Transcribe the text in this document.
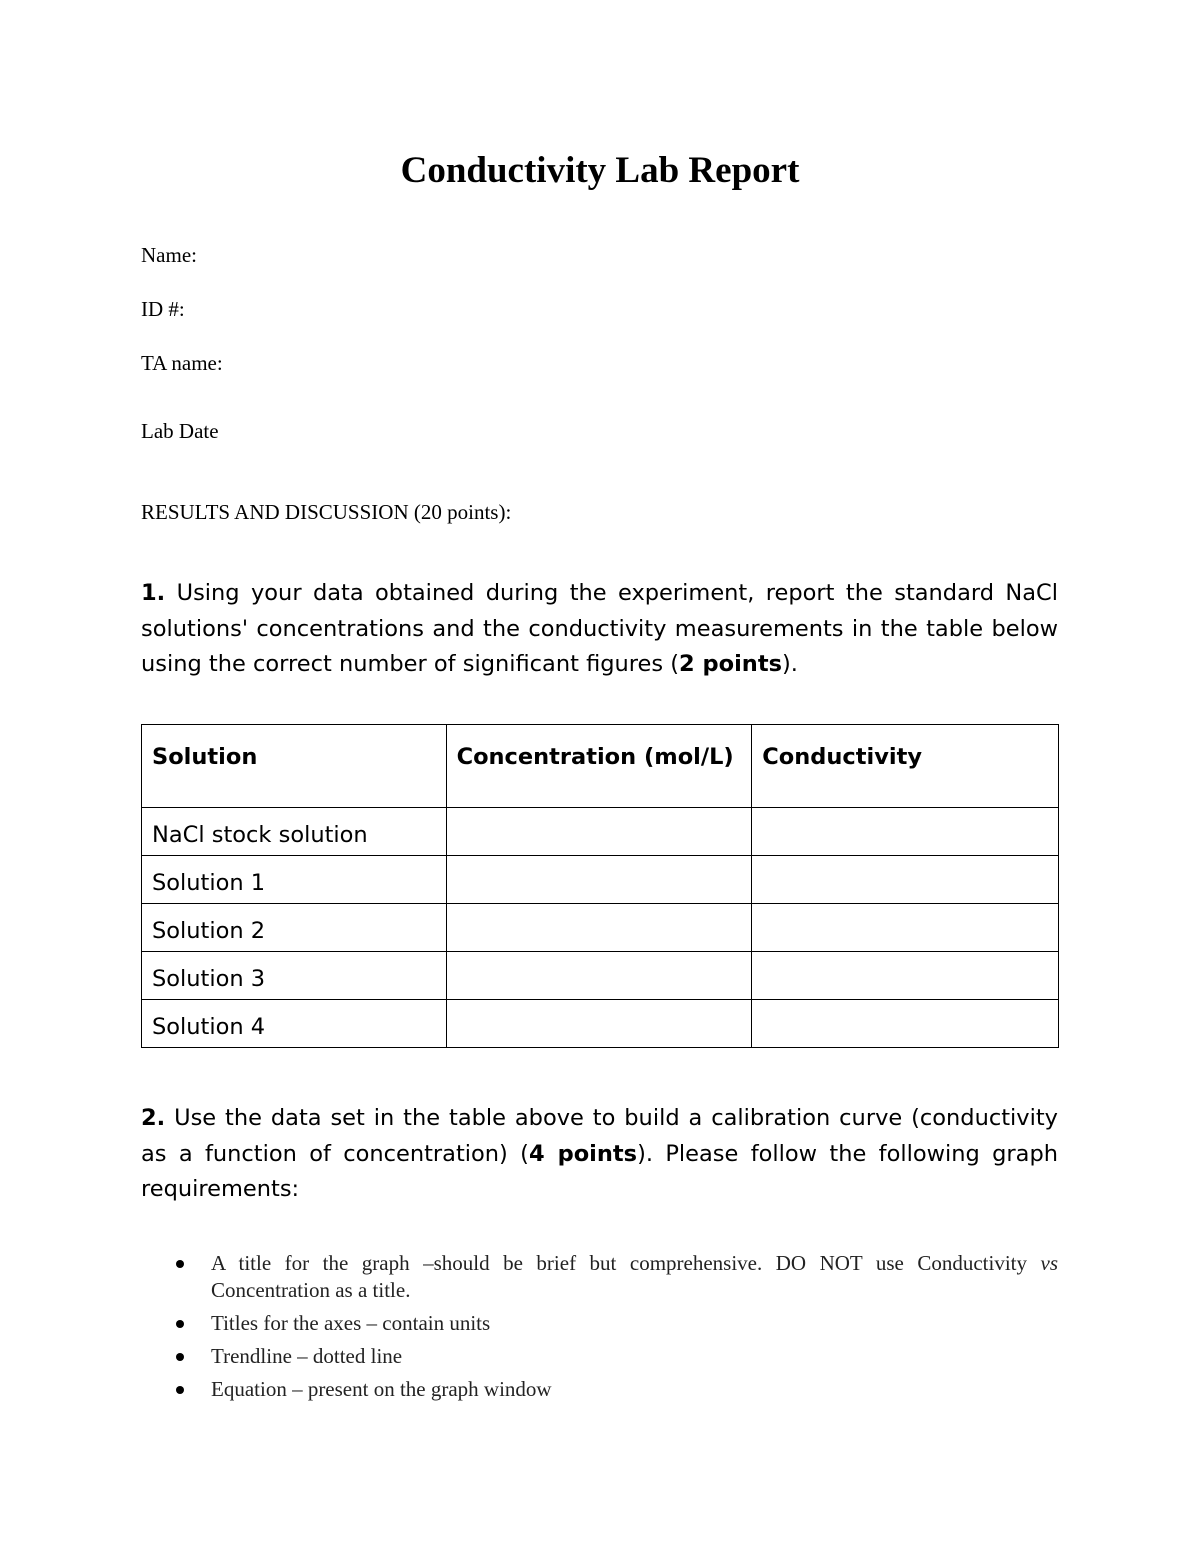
Conductivity Lab Report
Name:
ID #:
TA name:
Lab Date
RESULTS AND DISCUSSION (20 points):
1. Using your data obtained during the experiment, report the standard NaCl solutions' concentrations and the conductivity measurements in the table below using the correct number of significant figures (2 points).
Solution	Concentration (mol/L)	Conductivity
NaCl stock solution		
Solution 1		
Solution 2		
Solution 3		
Solution 4		
2. Use the data set in the table above to build a calibration curve (conductivity as a function of concentration) (4 points). Please follow the following graph requirements:
A title for the graph –should be brief but comprehensive. DO NOT use Conductivity vs Concentration as a title.
Titles for the axes – contain units
Trendline – dotted line
Equation – present on the graph window
